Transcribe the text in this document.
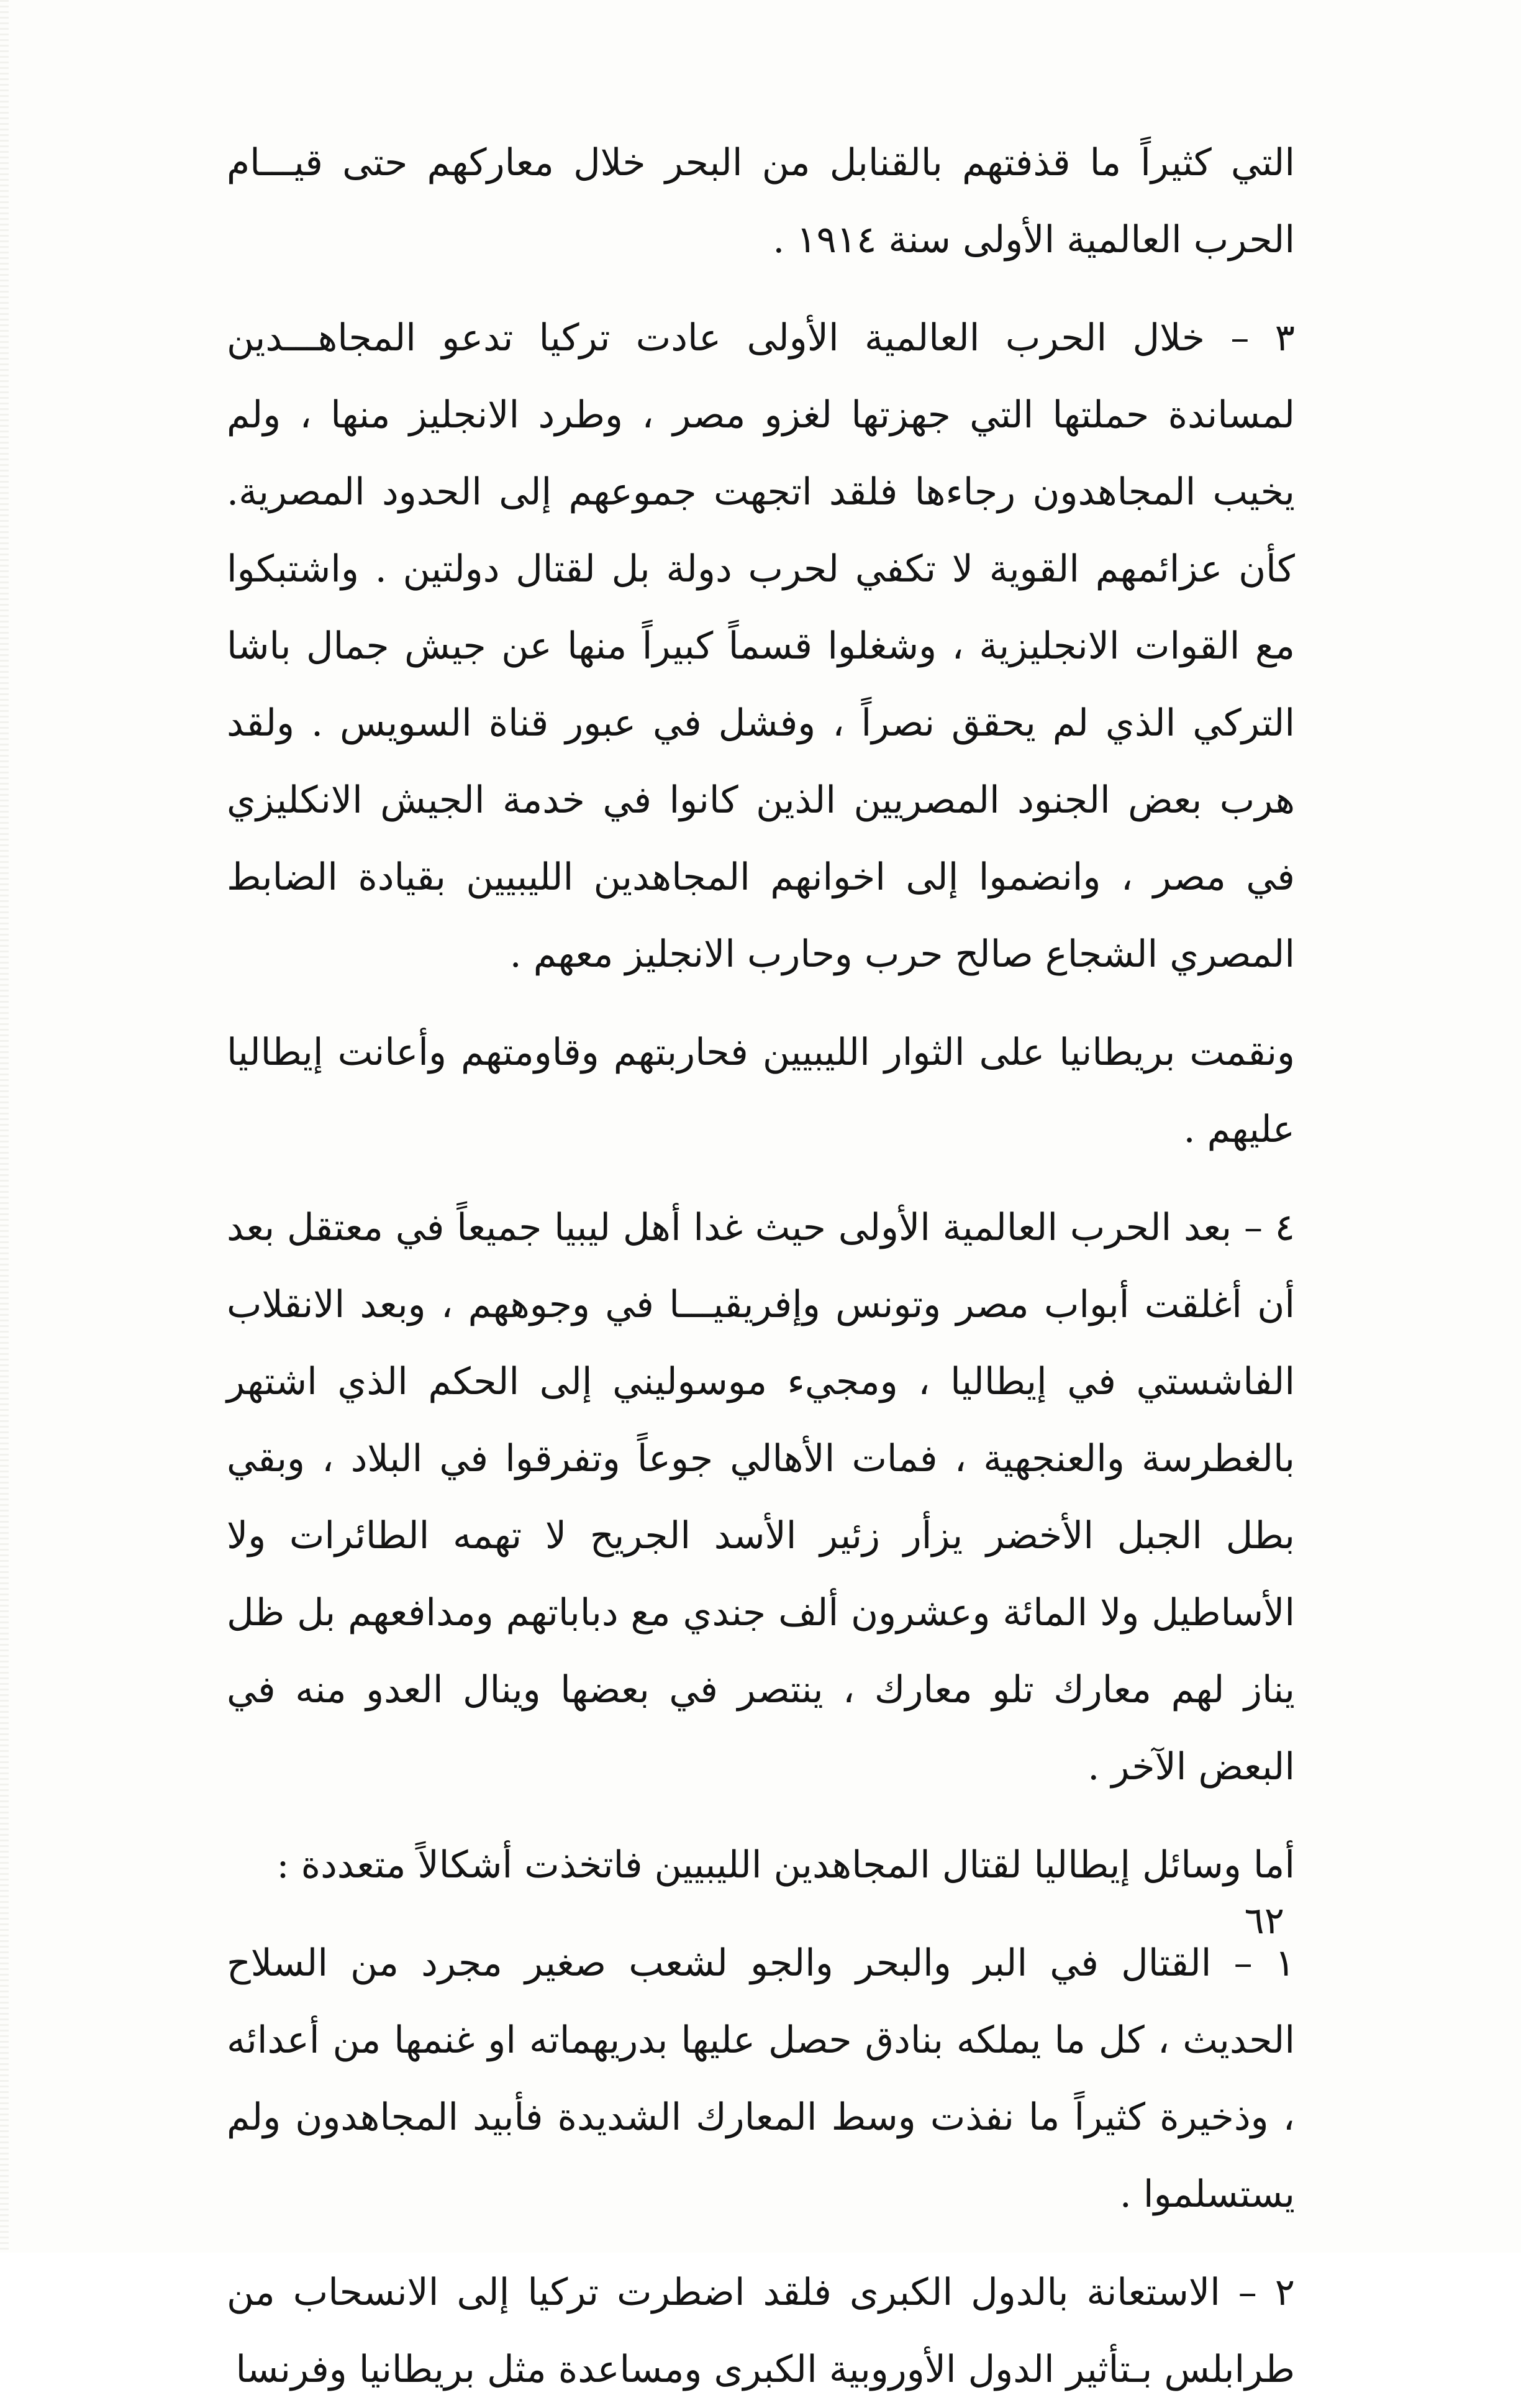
التي كثيراً ما قذفتهم بالقنابل من البحر خلال معاركهم حتى قيـــام الحرب العالمية الأولى سنة ١٩١٤ .

٣ – خلال الحرب العالمية الأولى عادت تركيا تدعو المجاهـــدين لمساندة حملتها التي جهزتها لغزو مصر ، وطرد الانجليز منها ، ولم يخيب المجاهدون رجاءها فلقد اتجهت جموعهم إلى الحدود المصرية. كأن عزائمهم القوية لا تكفي لحرب دولة بل لقتال دولتين . واشتبكوا مع القوات الانجليزية ، وشغلوا قسماً كبيراً منها عن جيش جمال باشا التركي الذي لم يحقق نصراً ، وفشل في عبور قناة السويس . ولقد هرب بعض الجنود المصريين الذين كانوا في خدمة الجيش الانكليزي في مصر ، وانضموا إلى اخوانهم المجاهدين الليبيين بقيادة الضابط المصري الشجاع صالح حرب وحارب الانجليز معهم .

ونقمت بريطانيا على الثوار الليبيين فحاربتهم وقاومتهم وأعانت إيطاليا عليهم .

٤ – بعد الحرب العالمية الأولى حيث غدا أهل ليبيا جميعاً في معتقل بعد أن أغلقت أبواب مصر وتونس وإفريقيـــا في وجوههم ، وبعد الانقلاب الفاشستي في إيطاليا ، ومجيء موسوليني إلى الحكم الذي اشتهر بالغطرسة والعنجهية ، فمات الأهالي جوعاً وتفرقوا في البلاد ، وبقي بطل الجبل الأخضر يزأر زئير الأسد الجريح لا تهمه الطائرات ولا الأساطيل ولا المائة وعشرون ألف جندي مع دباباتهم ومدافعهم بل ظل يناز لهم معارك تلو معارك ، ينتصر في بعضها وينال العدو منه في البعض الآخر .

أما وسائل إيطاليا لقتال المجاهدين الليبيين فاتخذت أشكالاً متعددة :

١ – القتال في البر والبحر والجو لشعب صغير مجرد من السلاح الحديث ، كل ما يملكه بنادق حصل عليها بدريهماته او غنمها من أعدائه ، وذخيرة كثيراً ما نفذت وسط المعارك الشديدة فأبيد المجاهدون ولم يستسلموا .

٢ – الاستعانة بالدول الكبرى فلقد اضطرت تركيا إلى الانسحاب من طرابلس بـتأثير الدول الأوروبية الكبرى ومساعدة مثل بريطانيا وفرنسا

٦٢
